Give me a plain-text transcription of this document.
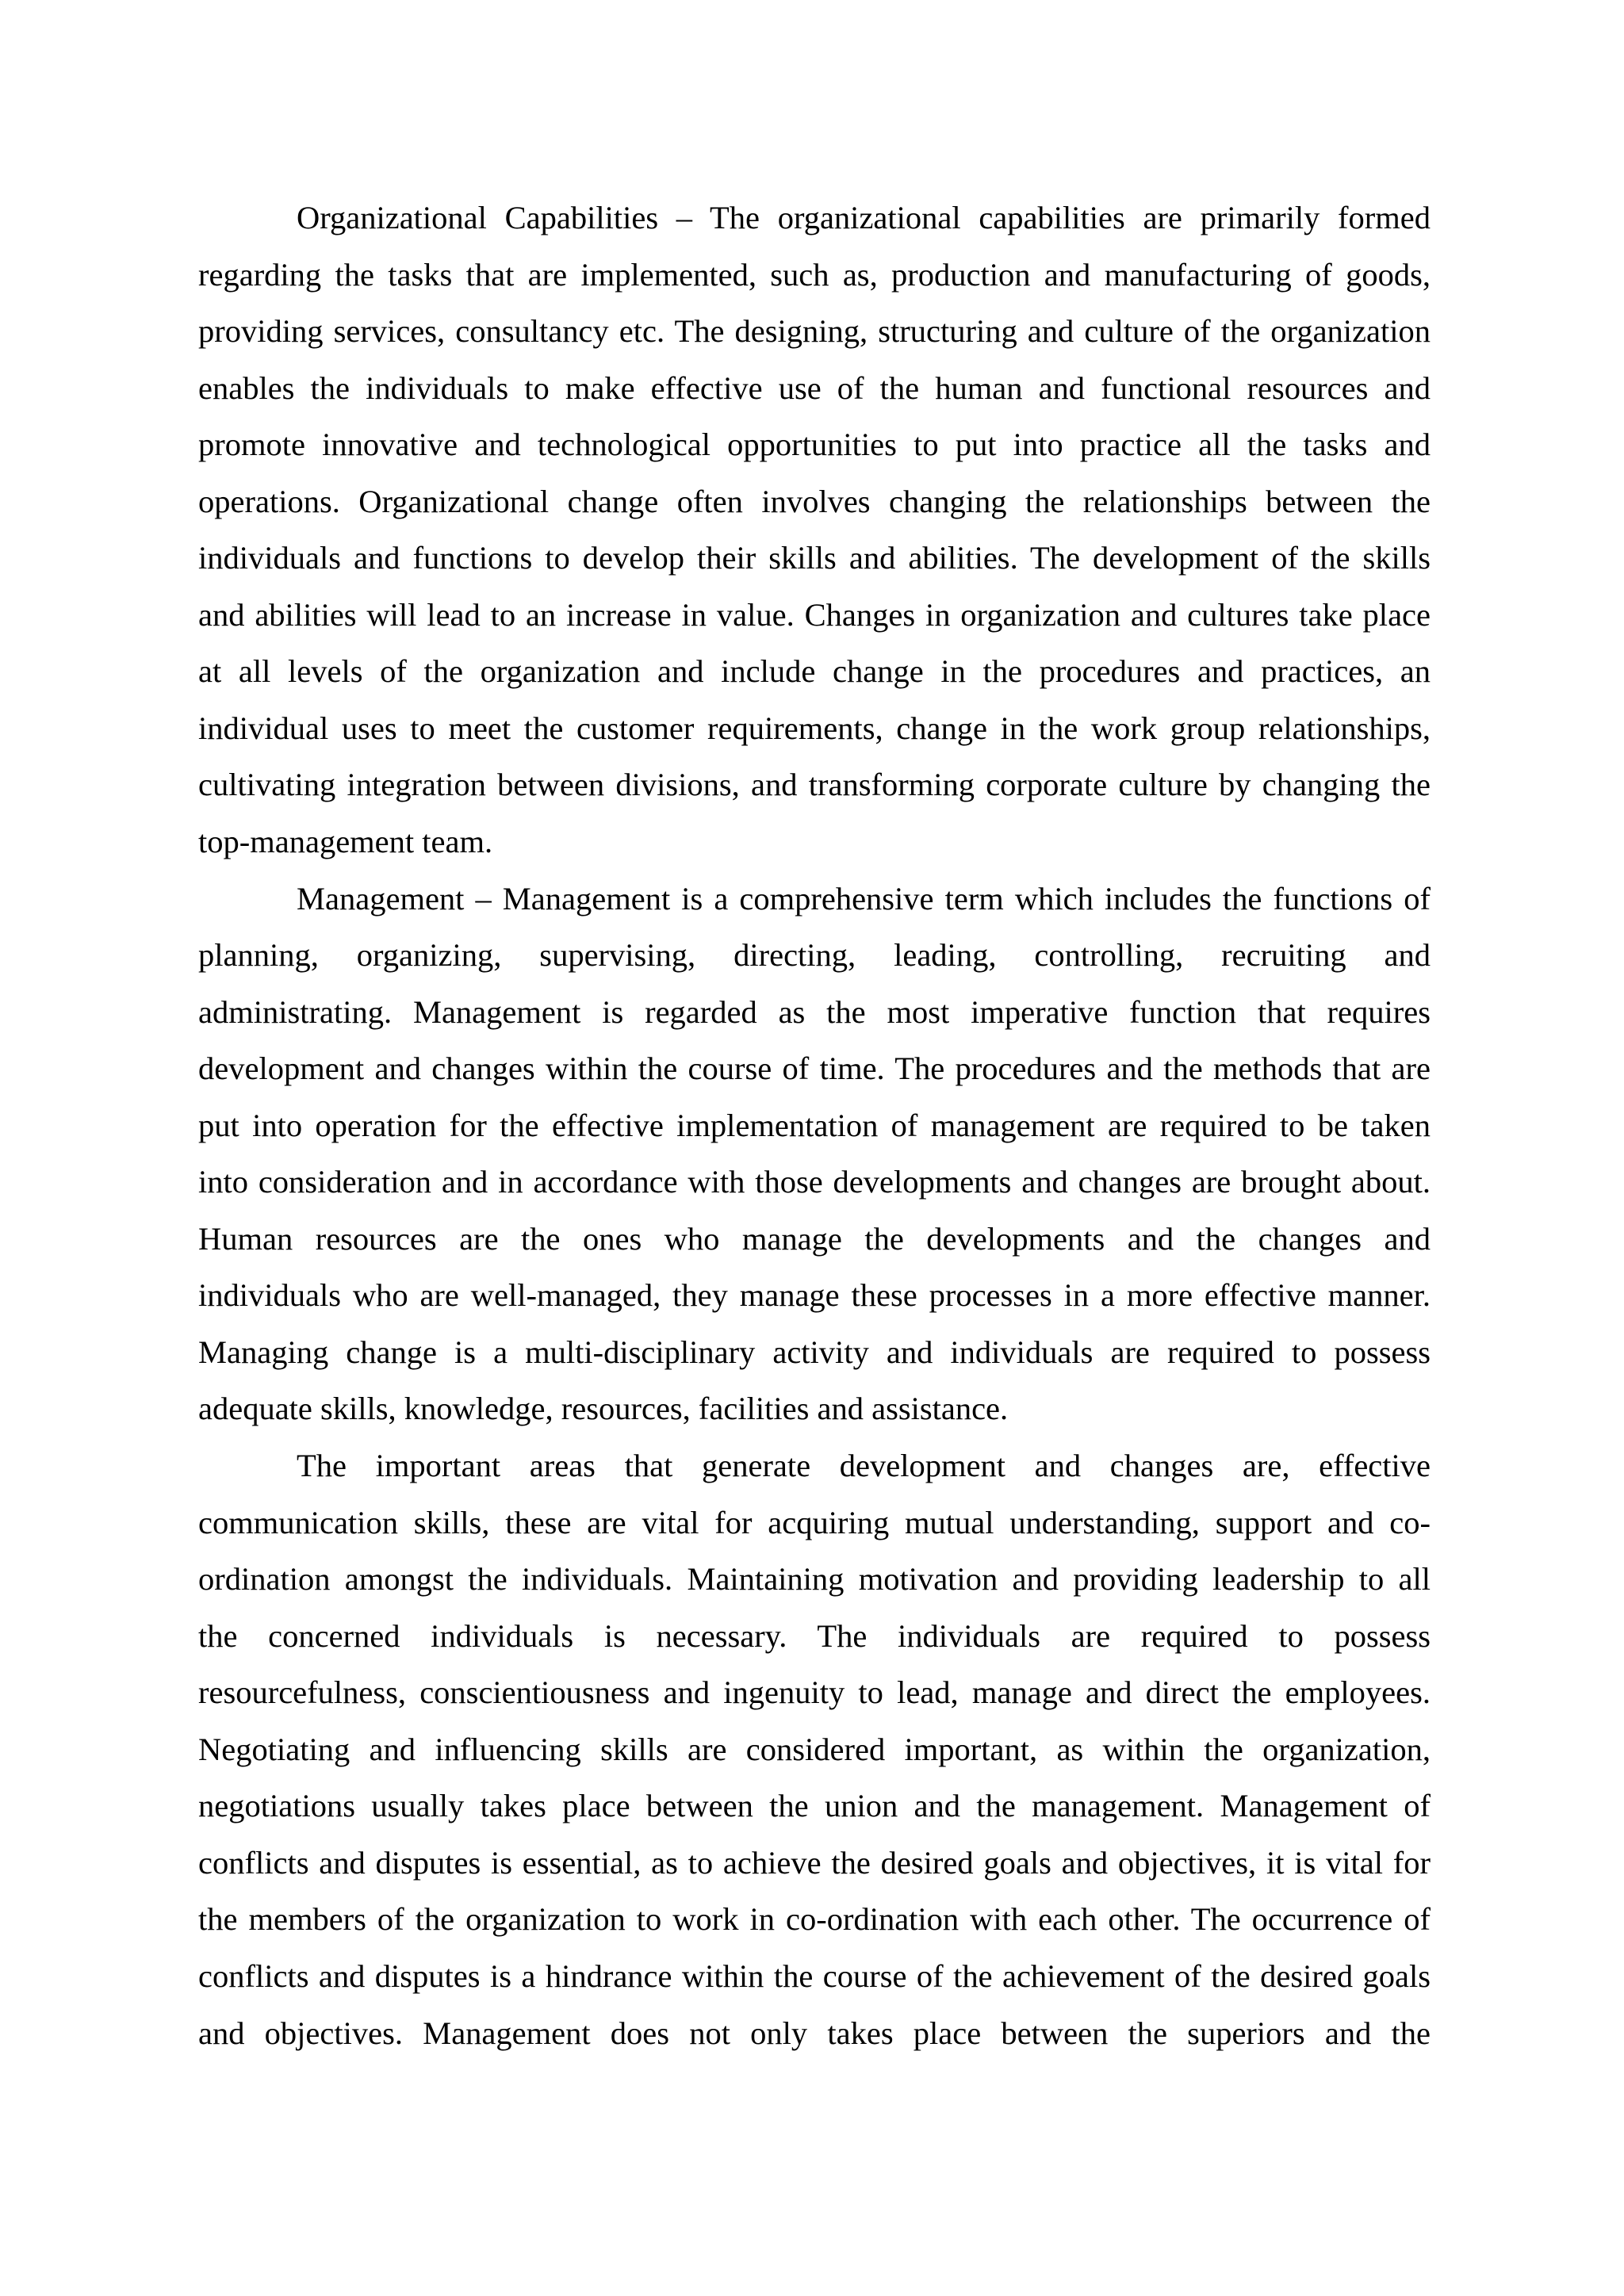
Organizational Capabilities – The organizational capabilities are primarily formed
regarding the tasks that are implemented, such as, production and manufacturing of goods,
providing services, consultancy etc. The designing, structuring and culture of the organization
enables the individuals to make effective use of the human and functional resources and
promote innovative and technological opportunities to put into practice all the tasks and
operations. Organizational change often involves changing the relationships between the
individuals and functions to develop their skills and abilities. The development of the skills
and abilities will lead to an increase in value. Changes in organization and cultures take place
at all levels of the organization and include change in the procedures and practices, an
individual uses to meet the customer requirements, change in the work group relationships,
cultivating integration between divisions, and transforming corporate culture by changing the
top-management team.
Management – Management is a comprehensive term which includes the functions of
planning, organizing, supervising, directing, leading, controlling, recruiting and
administrating. Management is regarded as the most imperative function that requires
development and changes within the course of time. The procedures and the methods that are
put into operation for the effective implementation of management are required to be taken
into consideration and in accordance with those developments and changes are brought about.
Human resources are the ones who manage the developments and the changes and
individuals who are well-managed, they manage these processes in a more effective manner.
Managing change is a multi-disciplinary activity and individuals are required to possess
adequate skills, knowledge, resources, facilities and assistance.
The important areas that generate development and changes are, effective
communication skills, these are vital for acquiring mutual understanding, support and co-
ordination amongst the individuals. Maintaining motivation and providing leadership to all
the concerned individuals is necessary. The individuals are required to possess
resourcefulness, conscientiousness and ingenuity to lead, manage and direct the employees.
Negotiating and influencing skills are considered important, as within the organization,
negotiations usually takes place between the union and the management. Management of
conflicts and disputes is essential, as to achieve the desired goals and objectives, it is vital for
the members of the organization to work in co-ordination with each other. The occurrence of
conflicts and disputes is a hindrance within the course of the achievement of the desired goals
and objectives. Management does not only takes place between the superiors and the
